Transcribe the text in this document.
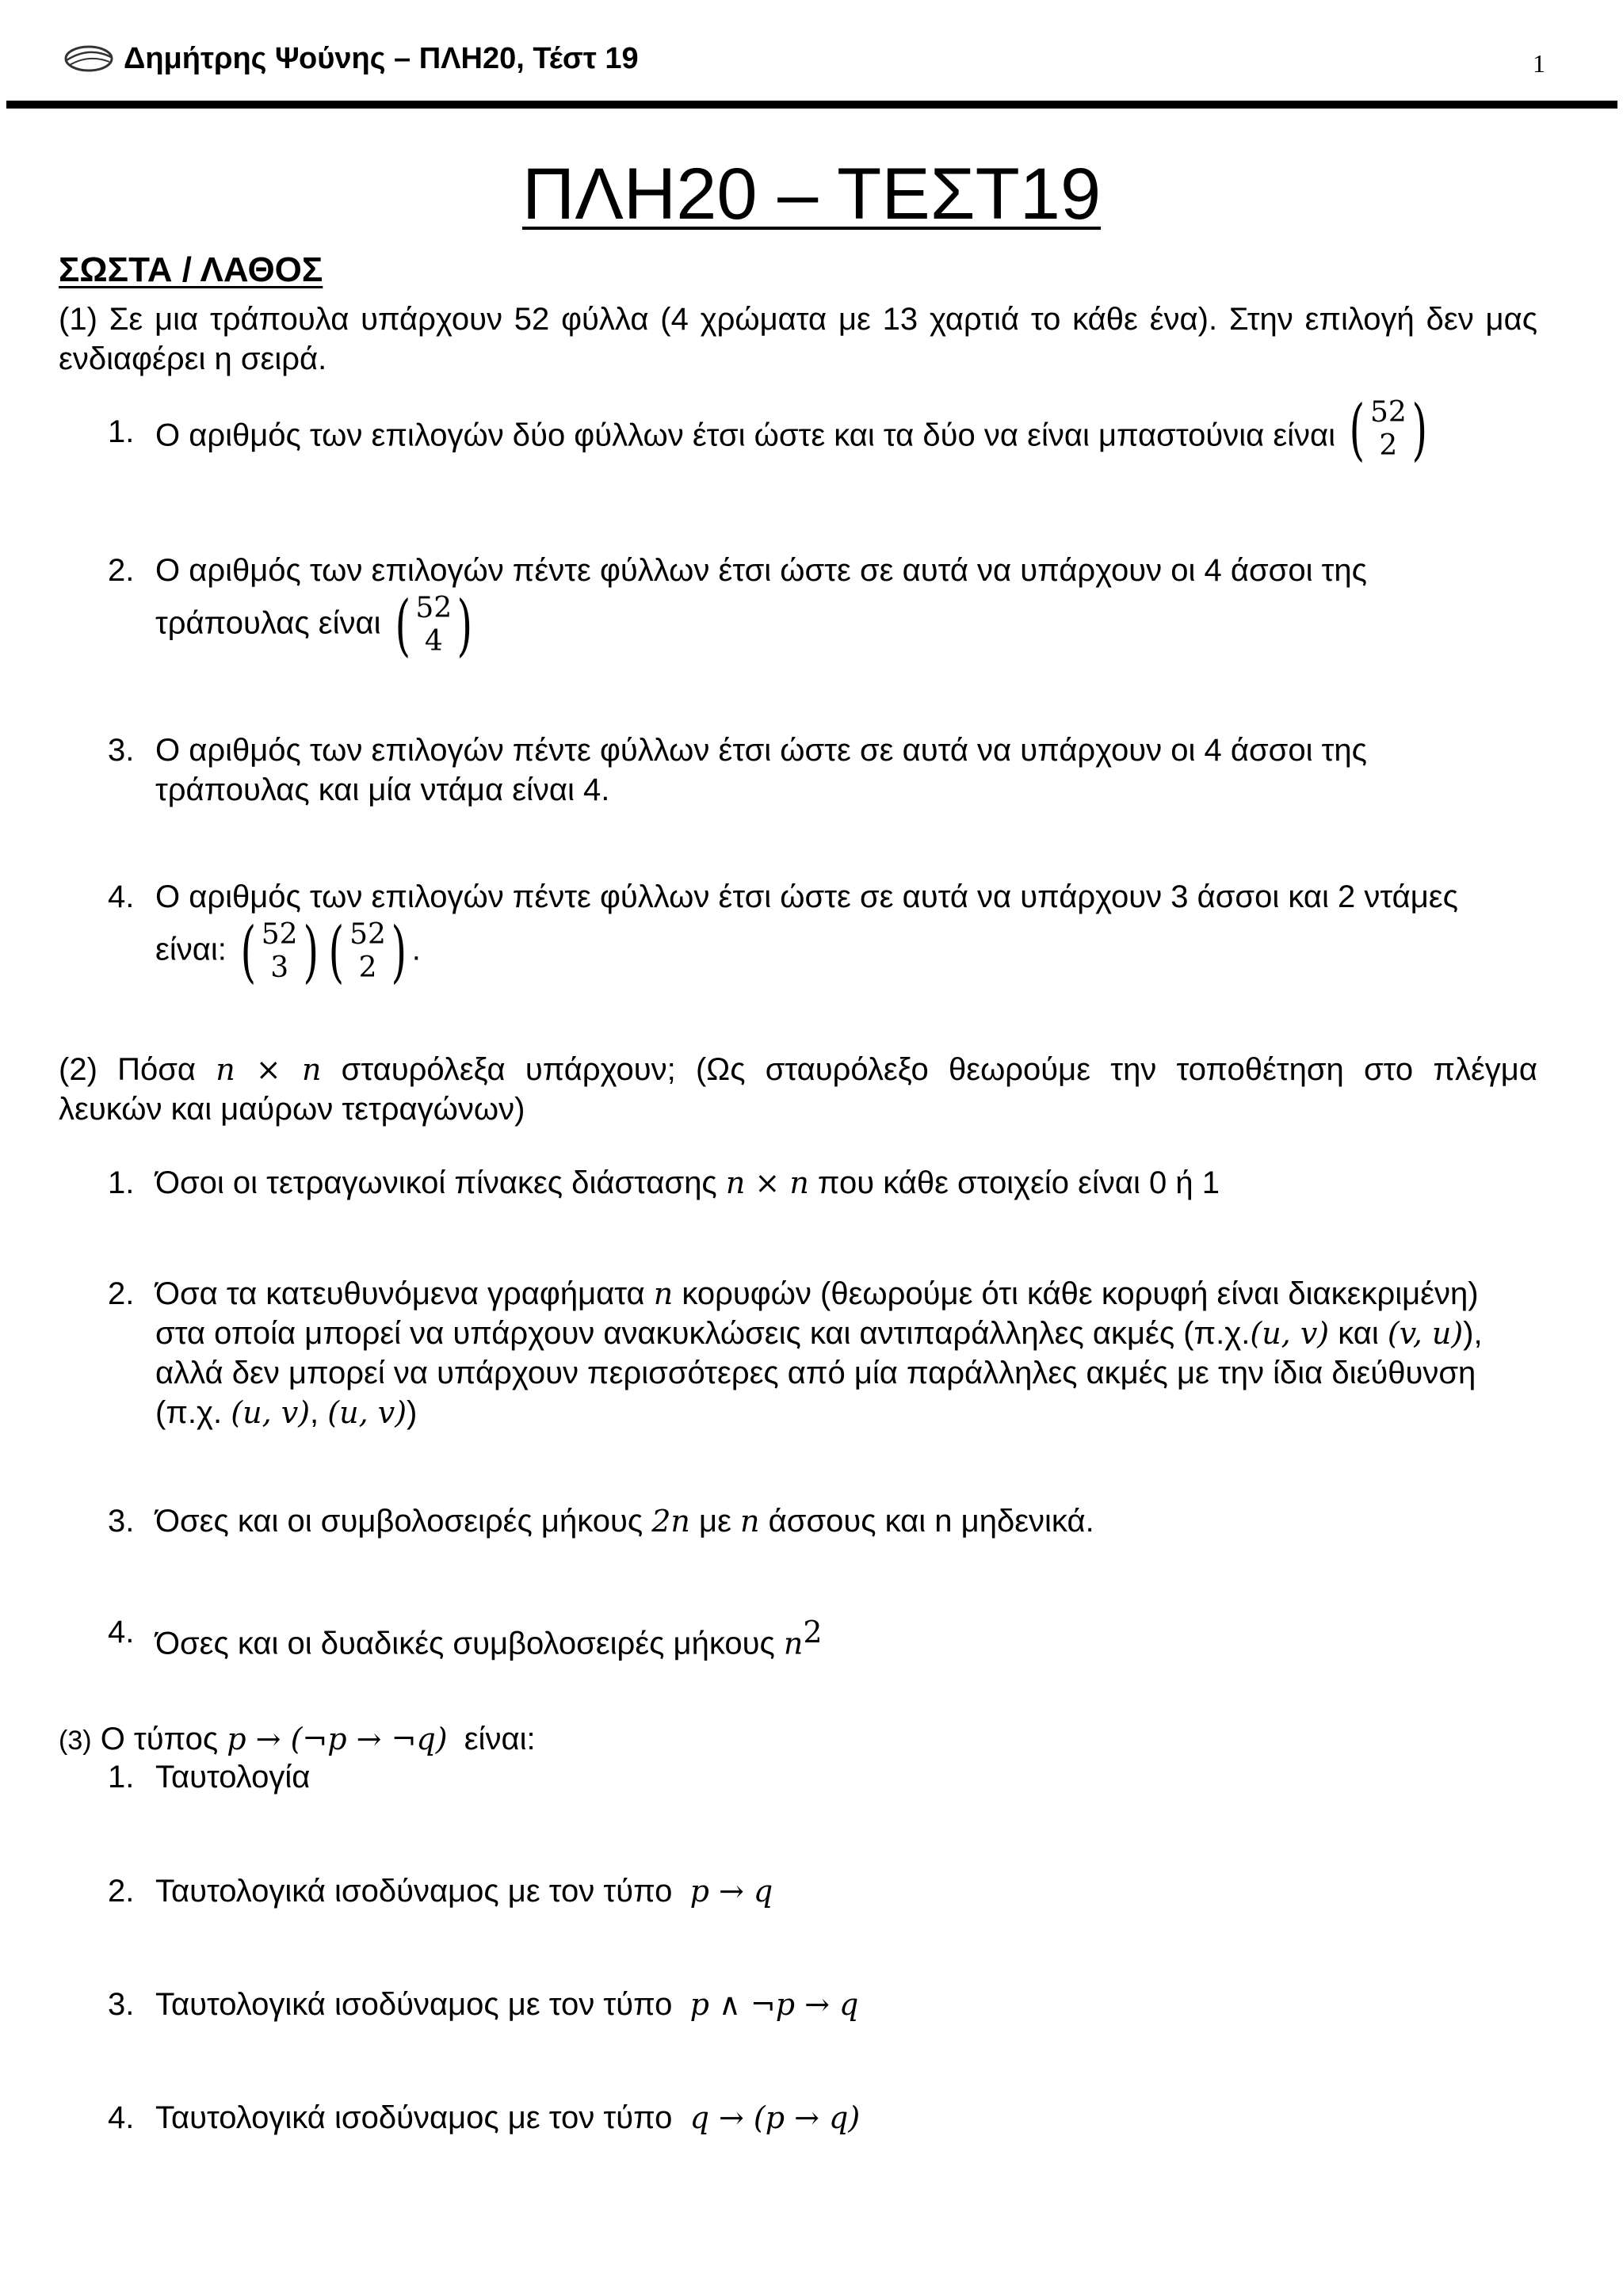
Δημήτρης Ψούνης – ΠΛΗ20, Τέστ 19	1
ΠΛΗ20 – ΤΕΣΤ19
ΣΩΣΤΑ / ΛΑΘΟΣ
(1) Σε μια τράπουλα υπάρχουν 52 φύλλα (4 χρώματα με 13 χαρτιά το κάθε ένα). Στην επιλογή δεν μας
ενδιαφέρει η σειρά.
1. Ο αριθμός των επιλογών δύο φύλλων έτσι ώστε και τα δύο να είναι μπαστούνια είναι ( 52
2 )
2. Ο αριθμός των επιλογών πέντε φύλλων έτσι ώστε σε αυτά να υπάρχουν οι 4 άσσοι της
τράπουλας είναι ( 52
4 )
3. Ο αριθμός των επιλογών πέντε φύλλων έτσι ώστε σε αυτά να υπάρχουν οι 4 άσσοι της
τράπουλας και μία ντάμα είναι 4.
4. Ο αριθμός των επιλογών πέντε φύλλων έτσι ώστε σε αυτά να υπάρχουν 3 άσσοι και 2 ντάμες
είναι: ( 52
3 ) ( 52
2 ) .
(2) Πόσα n × n σταυρόλεξα υπάρχουν; (Ως σταυρόλεξο θεωρούμε την τοποθέτηση στο πλέγμα
λευκών και μαύρων τετραγώνων)
1. Όσοι οι τετραγωνικοί πίνακες διάστασης n × n που κάθε στοιχείο είναι 0 ή 1
2. Όσα τα κατευθυνόμενα γραφήματα n κορυφών (θεωρούμε ότι κάθε κορυφή είναι διακεκριμένη)
στα οποία μπορεί να υπάρχουν ανακυκλώσεις και αντιπαράλληλες ακμές (π.χ.(u, v) και (v, u)),
αλλά δεν μπορεί να υπάρχουν περισσότερες από μία παράλληλες ακμές με την ίδια διεύθυνση
(π.χ. (u, v), (u, v))
3. Όσες και οι συμβολοσειρές μήκους 2n με n άσσους και n μηδενικά.
4. Όσες και οι δυαδικές συμβολοσειρές μήκους $n^2$
(3) Ο τύπος p → (¬p → ¬q) είναι:
1. Ταυτολογία
2. Ταυτολογικά ισοδύναμος με τον τύπο p → q
3. Ταυτολογικά ισοδύναμος με τον τύπο p ∧ ¬p → q
4. Ταυτολογικά ισοδύναμος με τον τύπο q → (p → q)
